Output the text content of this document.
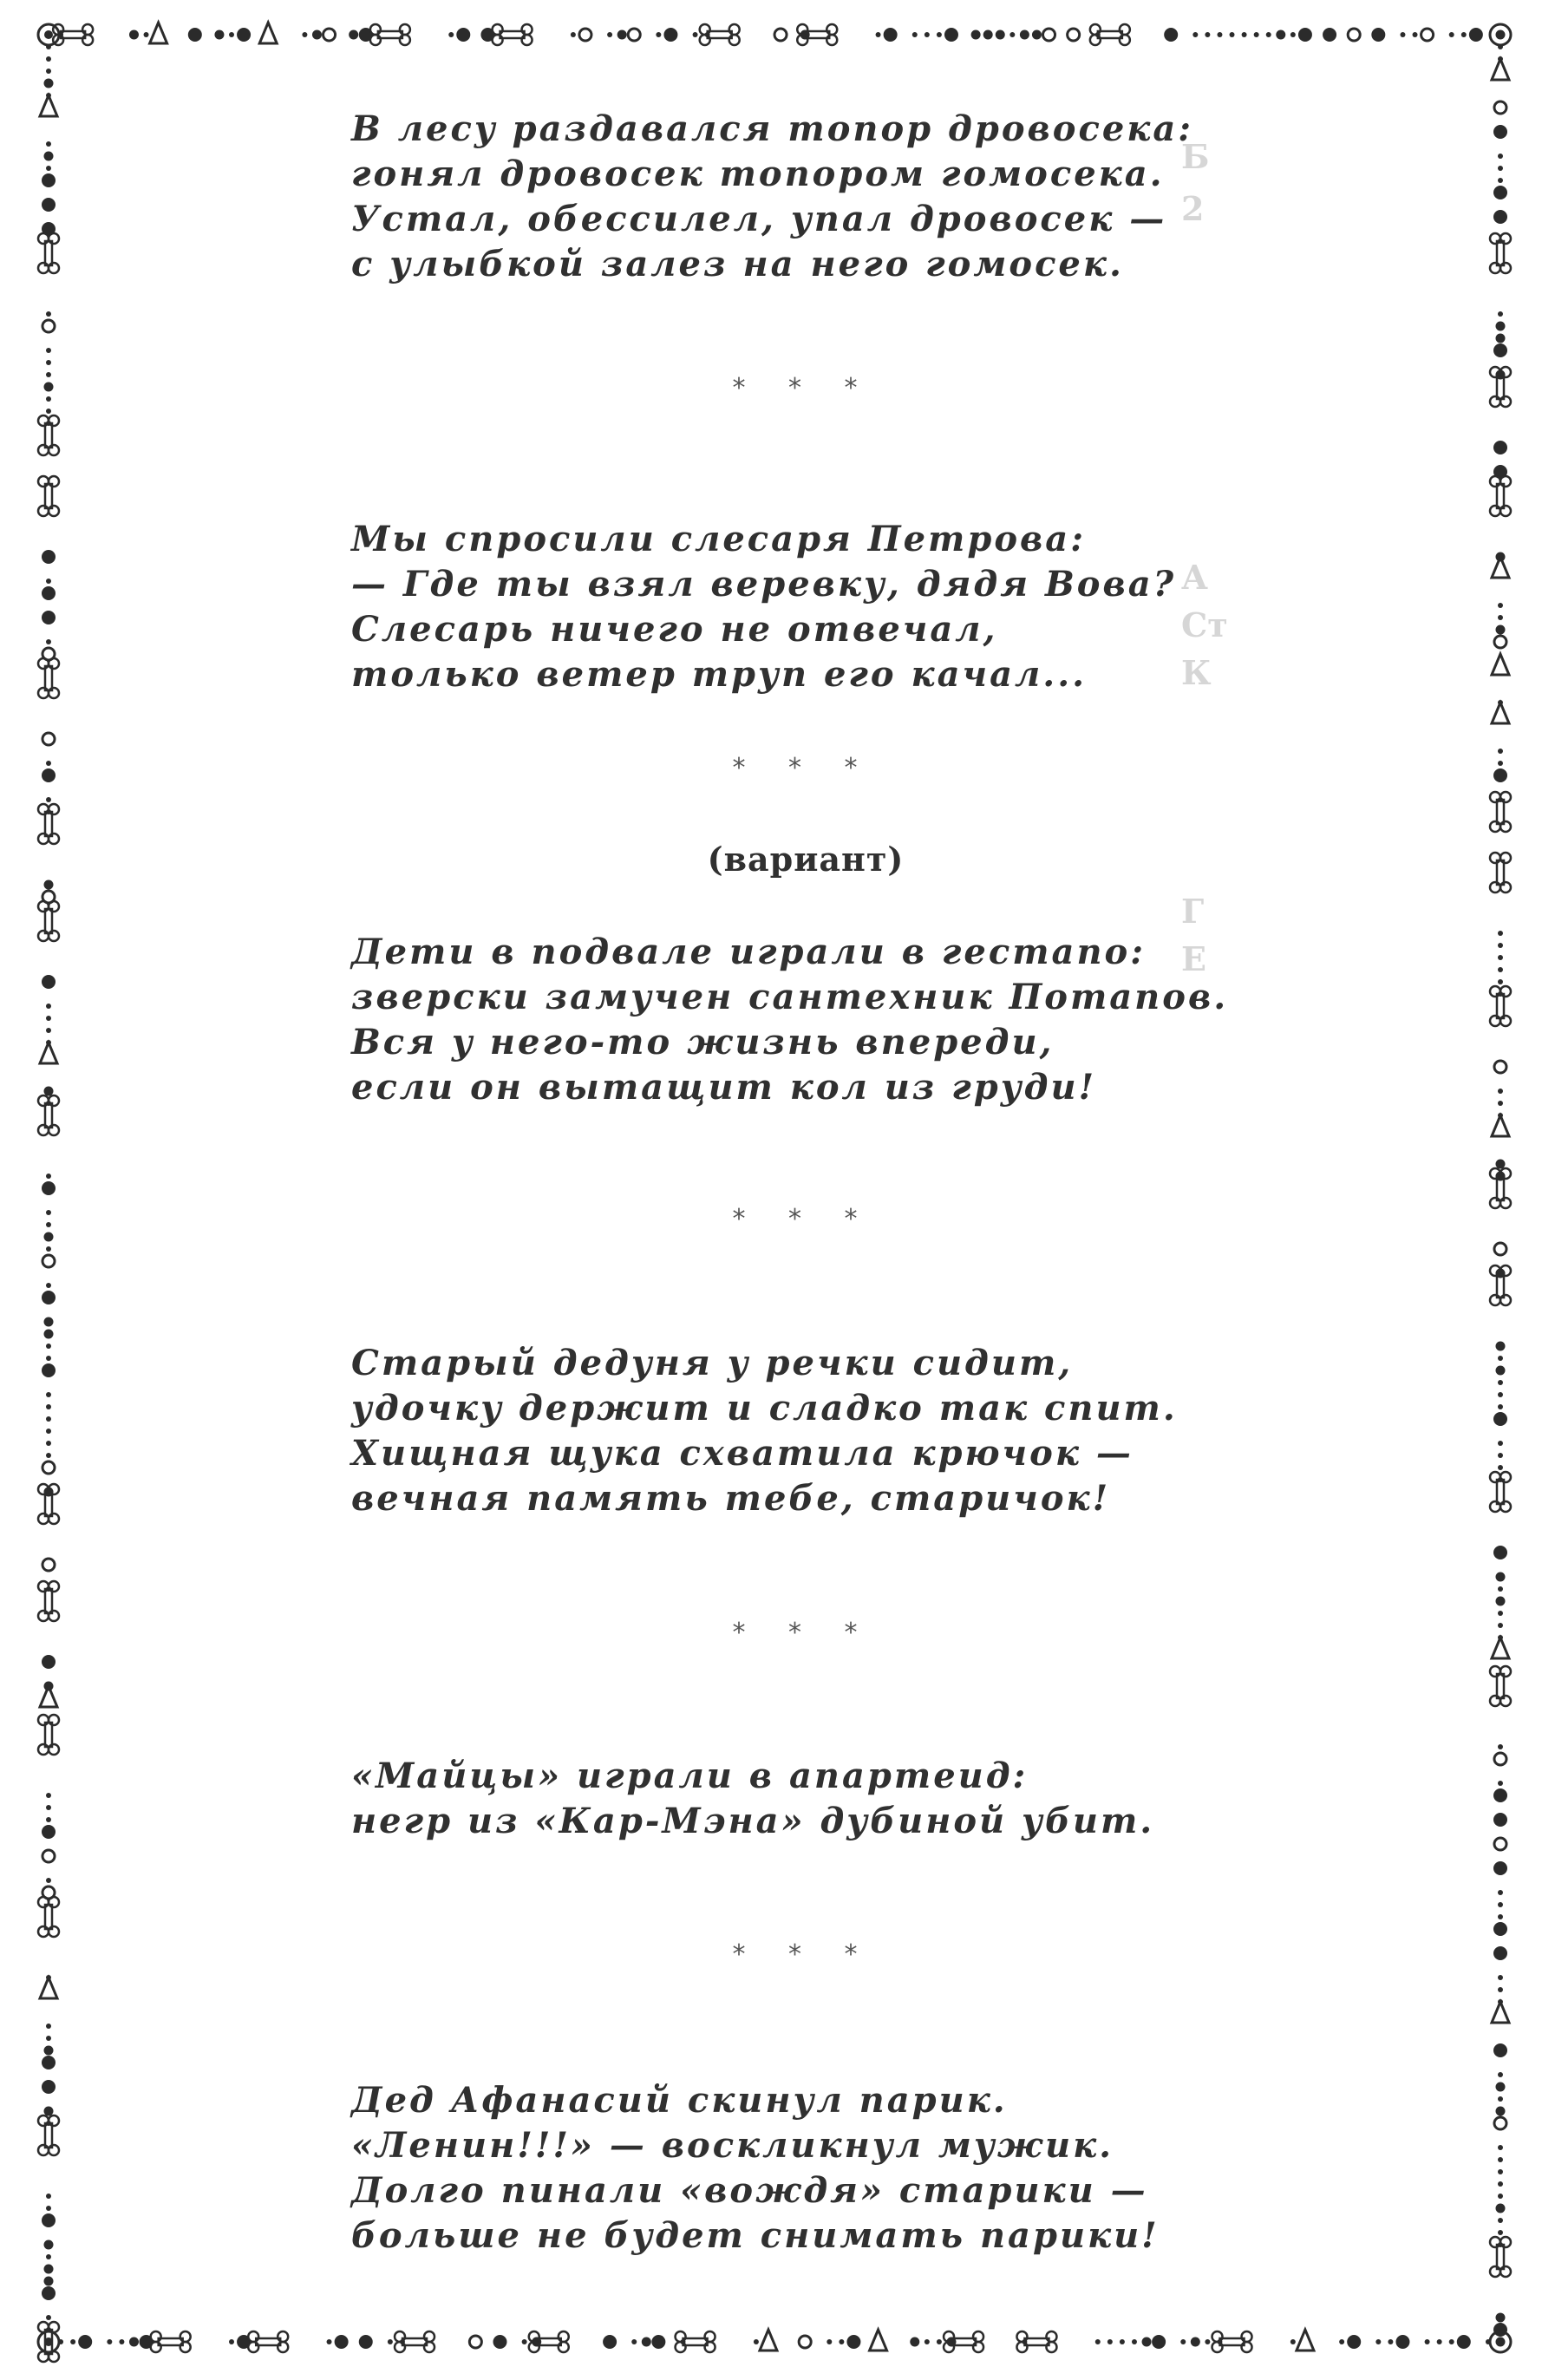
Б
2
А
Ст
К
Г
Е
В лесу раздавался топор дровосека:
гонял дровосек топором гомосека.
Устал, обессилел, упал дровосек —
с улыбкой залез на него гомосек.
* * *
Мы спросили слесаря Петрова:
— Где ты взял веревку, дядя Вова?
Слесарь ничего не отвечал,
только ветер труп его качал...
* * *
(вариант)
Дети в подвале играли в гестапо:
зверски замучен сантехник Потапов.
Вся у него-то жизнь впереди,
если он вытащит кол из груди!
* * *
Старый дедуня у речки сидит,
удочку держит и сладко так спит.
Хищная щука схватила крючок —
вечная память тебе, старичок!
* * *
«Майцы» играли в апартеид:
негр из «Кар-Мэна» дубиной убит.
* * *
Дед Афанасий скинул парик.
«Ленин!!!» — воскликнул мужик.
Долго пинали «вождя» старики —
больше не будет снимать парики!
